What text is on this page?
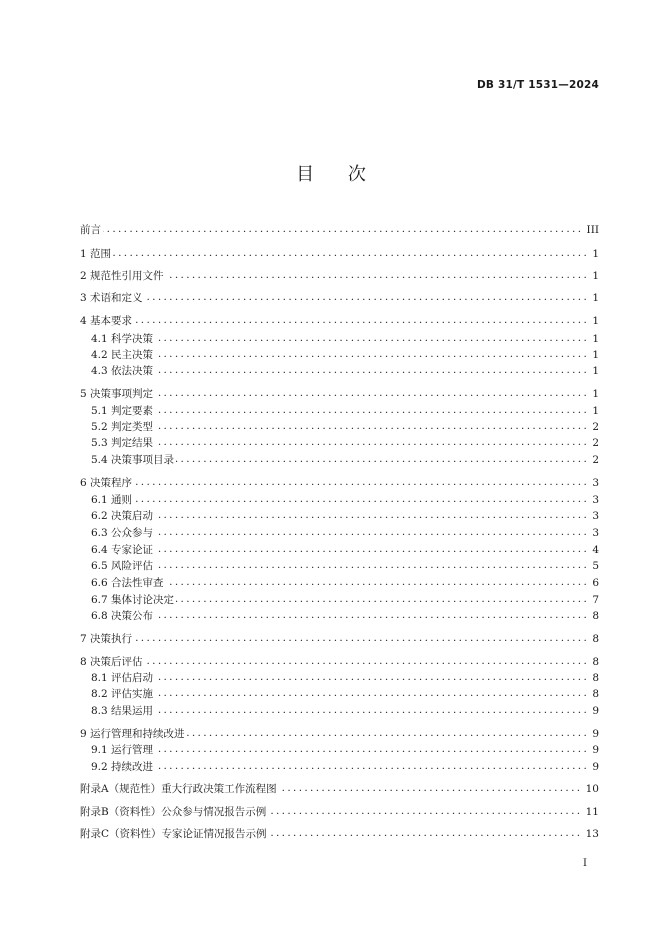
DB 31/T 1531—2024
目 次
前言 . . .	III
1 范围 . . .	1
2 规范性引用文件 . . .	1
3 术语和定义 . . .	1
4 基本要求 . . .	1
4.1 科学决策 . . .	1
4.2 民主决策 . . .	1
4.3 依法决策 . . .	1
5 决策事项判定 . . .	1
5.1 判定要素 . . .	1
5.2 判定类型 . . .	2
5.3 判定结果 . . .	2
5.4 决策事项目录 . . .	2
6 决策程序 . . .	3
6.1 通则 . . .	3
6.2 决策启动 . . .	3
6.3 公众参与 . . .	3
6.4 专家论证 . . .	4
6.5 风险评估 . . .	5
6.6 合法性审查 . . .	6
6.7 集体讨论决定 . . .	7
6.8 决策公布 . . .	8
7 决策执行 . . .	8
8 决策后评估 . . .	8
8.1 评估启动 . . .	8
8.2 评估实施 . . .	8
8.3 结果运用 . . .	9
9 运行管理和持续改进 . . .	9
9.1 运行管理 . . .	9
9.2 持续改进 . . .	9
附录A（规范性）重大行政决策工作流程图 . . .	10
附录B（资料性）公众参与情况报告示例 . . .	11
附录C（资料性）专家论证情况报告示例 . . .	13
I
